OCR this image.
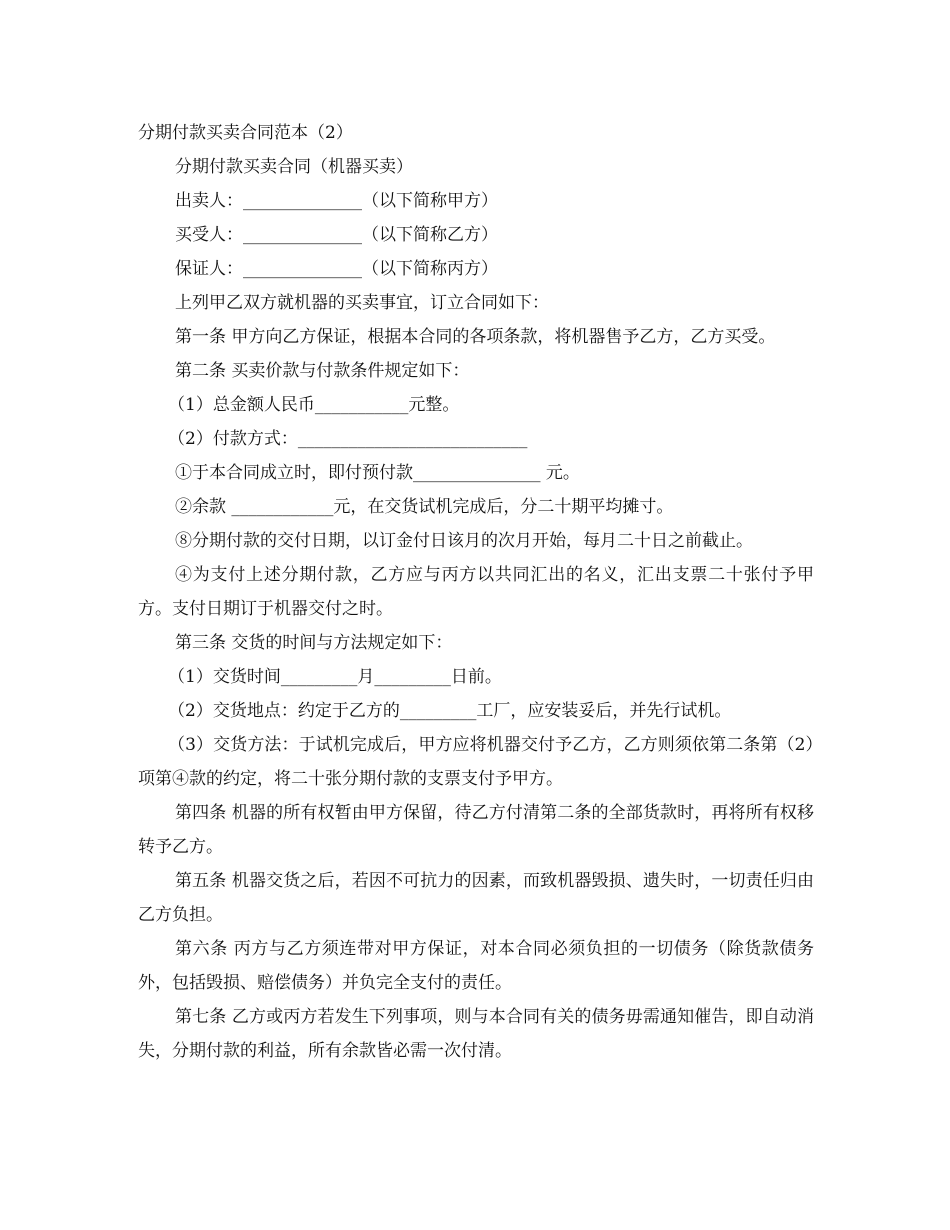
分期付款买卖合同范本（2）

分期付款买卖合同（机器买卖）

出卖人：______________（以下简称甲方）

买受人：______________（以下简称乙方）

保证人：______________（以下简称丙方）

上列甲乙双方就机器的买卖事宜，订立合同如下：

第一条 甲方向乙方保证，根据本合同的各项条款，将机器售予乙方，乙方买受。

第二条 买卖价款与付款条件规定如下：

（1）总金额人民币___________元整。

（2）付款方式：___________________________

①于本合同成立时，即付预付款_______________ 元。

②余款 ____________元，在交货试机完成后，分二十期平均摊寸。

⑧分期付款的交付日期，以订金付日该月的次月开始，每月二十日之前截止。

④为支付上述分期付款，乙方应与丙方以共同汇出的名义，汇出支票二十张付予甲方。支付日期订于机器交付之时。

第三条 交货的时间与方法规定如下：

（1）交货时间_________月_________日前。

（2）交货地点：约定于乙方的_________工厂，应安装妥后，并先行试机。

（3）交货方法：于试机完成后，甲方应将机器交付予乙方，乙方则须依第二条第（2）项第④款的约定，将二十张分期付款的支票支付予甲方。

第四条 机器的所有权暂由甲方保留，待乙方付清第二条的全部货款时，再将所有权移转予乙方。

第五条 机器交货之后，若因不可抗力的因素，而致机器毁损、遗失时，一切责任归由乙方负担。

第六条 丙方与乙方须连带对甲方保证，对本合同必须负担的一切债务（除货款债务外，包括毁损、赔偿债务）并负完全支付的责任。

第七条 乙方或丙方若发生下列事项，则与本合同有关的债务毋需通知催告，即自动消失，分期付款的利益，所有余款皆必需一次付清。
